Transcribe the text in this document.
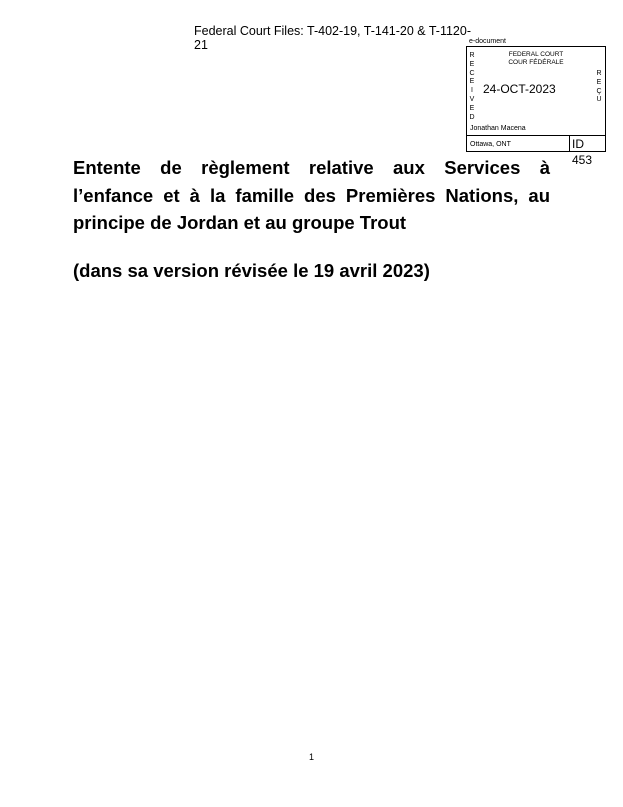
Federal Court Files: T-402-19, T-141-20 & T-1120-21	e-document
FEDERAL COURT
COUR FÉDÉRALE
R
E
C
E
I
V
E
D
R
E
Ç
U
24-OCT-2023
Jonathan Macena
Ottawa, ONT	ID 453
Entente de règlement relative aux Services à l’enfance et à la famille des Premières Nations, au principe de Jordan et au groupe Trout
(dans sa version révisée le 19 avril 2023)
1
